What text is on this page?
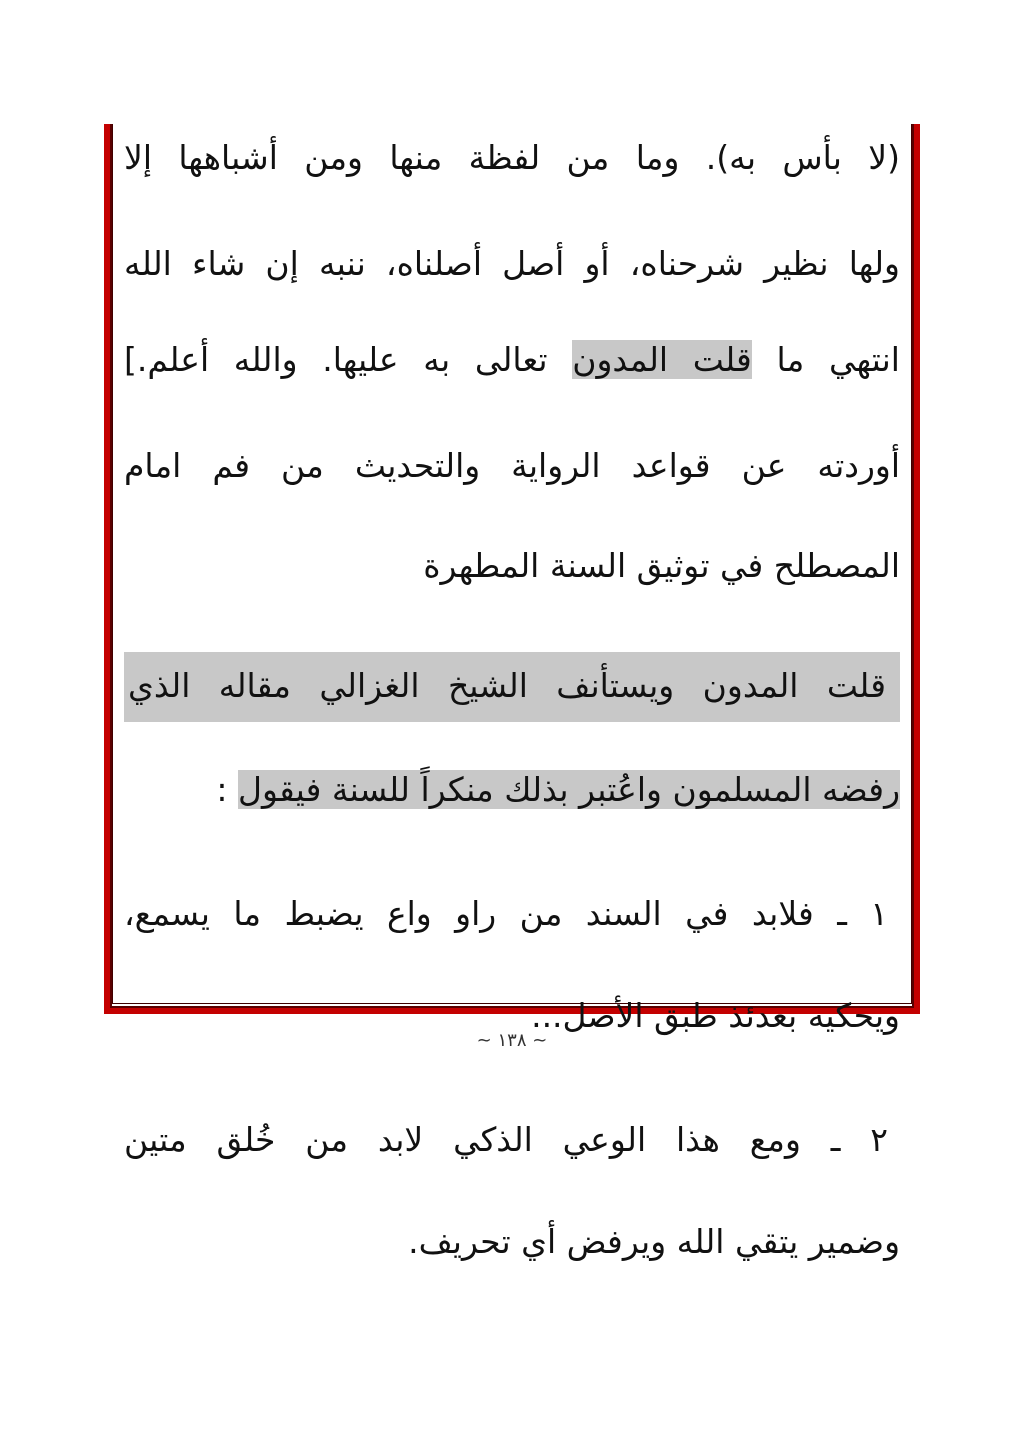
(لا بأس به). وما من لفظة منها ومن أشباهها إلا
ولها نظير شرحناه، أو أصل أصلناه، ننبه إن شاء الله
انتهي ما قلت المدون تعالى به عليها. والله أعلم.]
أوردته عن قواعد الرواية والتحديث من فم امام
المصطلح في توثيق السنة المطهرة
قلت المدون ويستأنف الشيخ الغزالي مقاله الذي
رفضه المسلمون واعُتبر بذلك منكراً للسنة فيقول :
١ ـ فلابد في السند من راو واع يضبط ما يسمع،
ويحكيه بعدئذ طبق الأصل...
٢ ـ ومع هذا الوعي الذكي لابد من خُلق متين
وضمير يتقي الله ويرفض أي تحريف.
~ ١٣٨ ~
